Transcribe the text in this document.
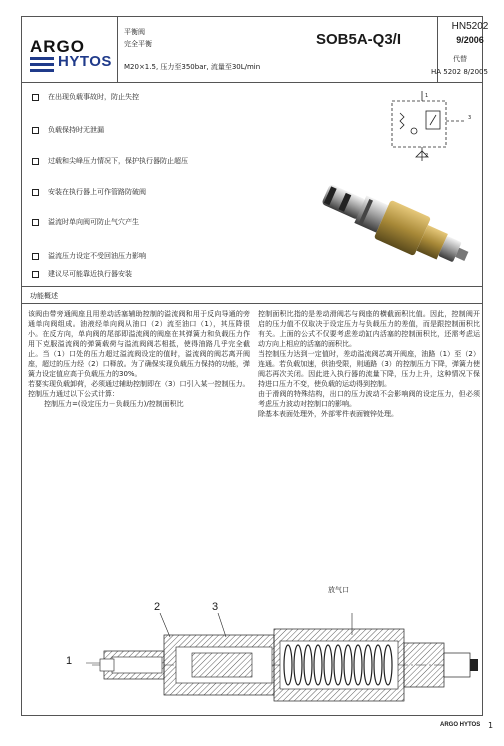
ARGO
HYTOS
平衡阀
完全平衡
M20×1.5, 压力至350bar, 流量至30L/min
SOB5A-Q3/I
HN5202
9/2006
在出现负载事故时，防止失控
负载保持时无泄漏
过载和尖峰压力情况下，保护执行器防止超压
安装在执行器上可作管路防破阀
溢流时单向阀可防止气穴产生
溢流压力设定不受回油压力影响
建议尽可能靠近执行器安装
1
3
2
功能概述

该阀由带旁通阀座且用差动活塞辅助控制的溢流阀和用于反向导通的旁通单向阀组成。油液经单向阀从油口（2）流至油口（1），其压降很小。在反方向，单向阀的尾部即溢流阀的阀座在其弹簧力和负载压力作用下克服溢流阀的弹簧载荷与溢流阀阀芯相抵，使得油路几乎完全截止。当（1）口处的压力超过溢流阀设定的值时，溢流阀的阀芯离开阀座，超过的压力经（2）口释放。为了确保实现负载压力保持的功能，弹簧力设定值应高于负载压力的30%。

若要实现负载卸荷，必须通过辅助控制即在（3）口引入某一控制压力。

控制压力通过以下公式计算：

控制压力=(设定压力－负载压力)/控制面积比

控制面积比指的是差动滑阀芯与阀座的横截面积比值。因此，控制阀开启的压力值不仅取决于设定压力与负载压力的差值，而是跟控制面积比有关。上面的公式不仅要考虑差动缸内活塞的控制面积比，还需考虑运动方向上相应的活塞的面积比。

当控制压力达到一定值时，差动溢流阀芯离开阀座，油路（1）至（2）连通。若负载加速，供油受限，则通路（3）的控制压力下降，弹簧力使阀芯再次关闭。因此进入执行器的流量下降，压力上升，这种情况下保持进口压力不变，使负载的运动得到控制。

由于滑阀的特殊结构，出口的压力波动不会影响阀的设定压力，但必须考虑压力波动对控制口的影响。

除基本表面处理外，外部零件表面镀锌处理。

2	3
1
放气口
ARGO HYTOS 1
代替
HA 5202 8/2005
